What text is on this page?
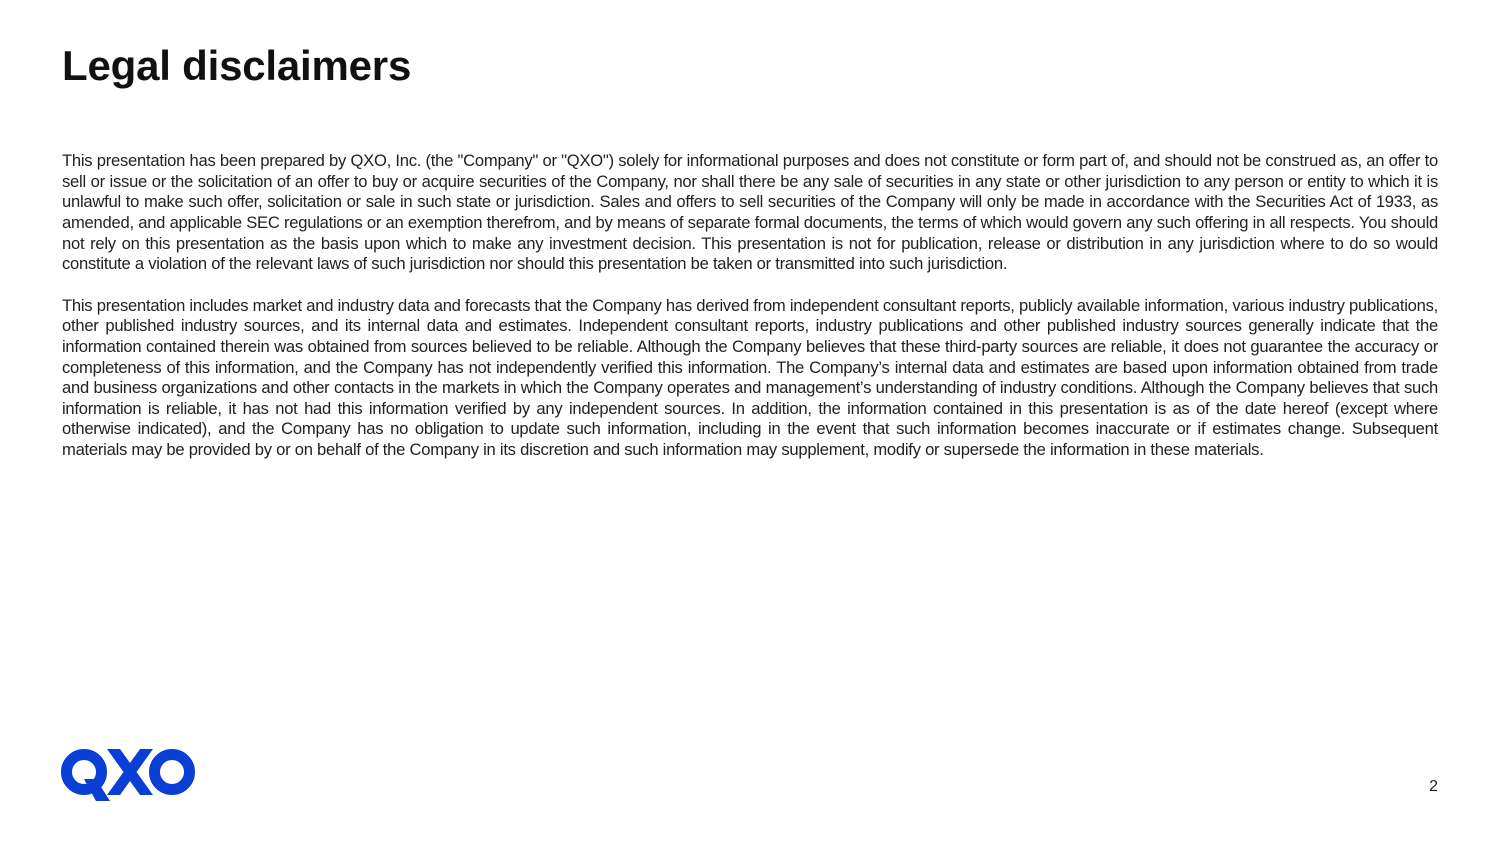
Legal disclaimers

This presentation has been prepared by QXO, Inc. (the "Company" or "QXO") solely for informational purposes and does not constitute or form part of, and should not be construed as, an offer to sell or issue or the solicitation of an offer to buy or acquire securities of the Company, nor shall there be any sale of securities in any state or other jurisdiction to any person or entity to which it is unlawful to make such offer, solicitation or sale in such state or jurisdiction. Sales and offers to sell securities of the Company will only be made in accordance with the Securities Act of 1933, as amended, and applicable SEC regulations or an exemption therefrom, and by means of separate formal documents, the terms of which would govern any such offering in all respects. You should not rely on this presentation as the basis upon which to make any investment decision. This presentation is not for publication, release or distribution in any jurisdiction where to do so would constitute a violation of the relevant laws of such jurisdiction nor should this presentation be taken or transmitted into such jurisdiction.

This presentation includes market and industry data and forecasts that the Company has derived from independent consultant reports, publicly available information, various industry publications, other published industry sources, and its internal data and estimates. Independent consultant reports, industry publications and other published industry sources generally indicate that the information contained therein was obtained from sources believed to be reliable. Although the Company believes that these third-party sources are reliable, it does not guarantee the accuracy or completeness of this information, and the Company has not independently verified this information. The Company’s internal data and estimates are based upon information obtained from trade and business organizations and other contacts in the markets in which the Company operates and management’s understanding of industry conditions. Although the Company believes that such information is reliable, it has not had this information verified by any independent sources. In addition, the information contained in this presentation is as of the date hereof (except where otherwise indicated), and the Company has no obligation to update such information, including in the event that such information becomes inaccurate or if estimates change. Subsequent materials may be provided by or on behalf of the Company in its discretion and such information may supplement, modify or supersede the information in these materials.

2
